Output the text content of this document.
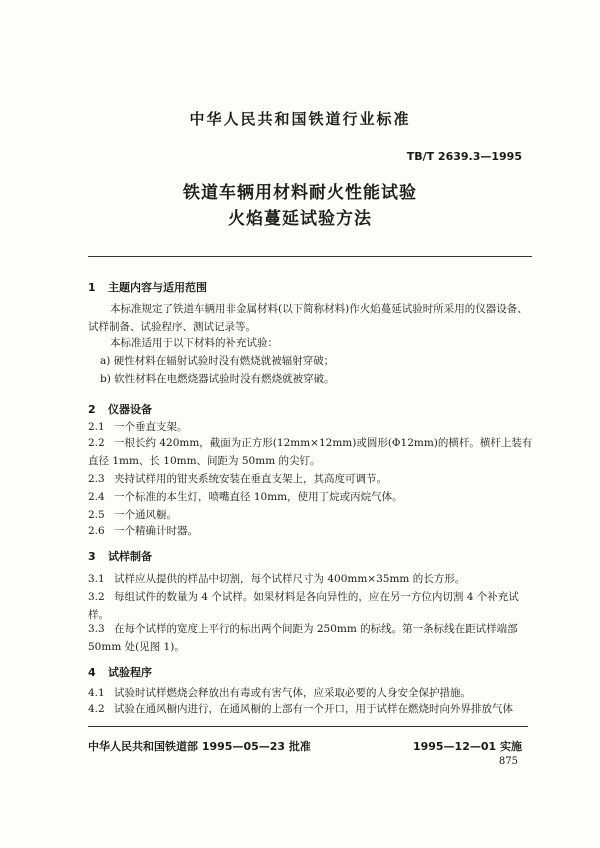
中华人民共和国铁道行业标准
TB/T 2639.3—1995
铁道车辆用材料耐火性能试验
火焰蔓延试验方法
1 主题内容与适用范围
本标准规定了铁道车辆用非金属材料(以下简称材料)作火焰蔓延试验时所采用的仪器设备、试样制备、试验程序、测试记录等。
本标准适用于以下材料的补充试验：
a) 硬性材料在辐射试验时没有燃烧就被辐射穿破；
b) 软性材料在电燃烧器试验时没有燃烧就被穿破。
2 仪器设备
2.1 一个垂直支架。
2.2 一根长约 420mm，截面为正方形(12mm×12mm)或圆形(Φ12mm)的横杆。横杆上装有直径 1mm、长 10mm、间距为 50mm 的尖钉。
2.3 夹持试样用的钳夹系统安装在垂直支架上，其高度可调节。
2.4 一个标准的本生灯，喷嘴直径 10mm，使用丁烷或丙烷气体。
2.5 一个通风橱。
2.6 一个精确计时器。
3 试样制备
3.1 试样应从提供的样品中切割，每个试样尺寸为 400mm×35mm 的长方形。
3.2 每组试件的数量为 4 个试样。如果材料是各向异性的，应在另一方位内切割 4 个补充试样。
3.3 在每个试样的宽度上平行的标出两个间距为 250mm 的标线。第一条标线在距试样端部 50mm 处(见图 1)。
4 试验程序
4.1 试验时试样燃烧会释放出有毒或有害气体，应采取必要的人身安全保护措施。
4.2 试验在通风橱内进行，在通风橱的上部有一个开口，用于试样在燃烧时向外界排放气体
中华人民共和国铁道部 1995—05—23 批准	1995—12—01 实施
875
